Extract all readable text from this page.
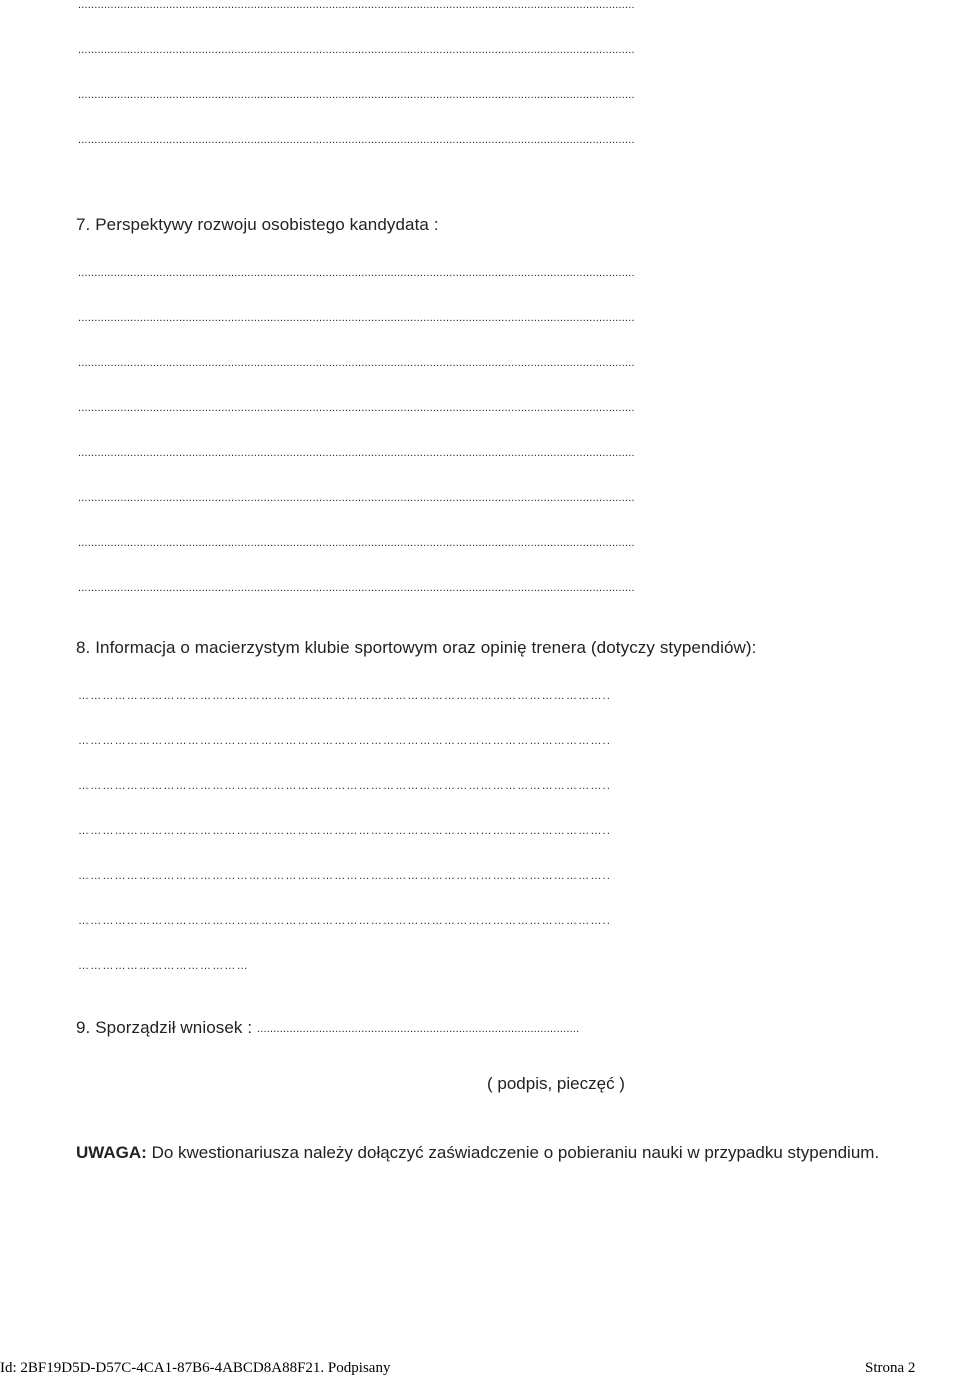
...........................................................................................................................................................................
...........................................................................................................................................................................
...........................................................................................................................................................................
...........................................................................................................................................................................
7. Perspektywy rozwoju osobistego kandydata :
...........................................................................................................................................................................
...........................................................................................................................................................................
...........................................................................................................................................................................
...........................................................................................................................................................................
...........................................................................................................................................................................
...........................................................................................................................................................................
...........................................................................................................................................................................
...........................................................................................................................................................................
8. Informacja o macierzystym klubie sportowym oraz opinię trenera (dotyczy stypendiów):
…………………………………………………………………………………………………………………..
…………………………………………………………………………………………………………………..
…………………………………………………………………………………………………………………..
…………………………………………………………………………………………………………………..
…………………………………………………………………………………………………………………..
…………………………………………………………………………………………………………………..
……………………………………
9. Sporządził wniosek : ...................................................................................................
( podpis, pieczęć )
UWAGA: Do kwestionariusza należy dołączyć zaświadczenie o pobieraniu nauki w przypadku stypendium.
Id: 2BF19D5D-D57C-4CA1-87B6-4ABCD8A88F21. Podpisany	Strona 2
